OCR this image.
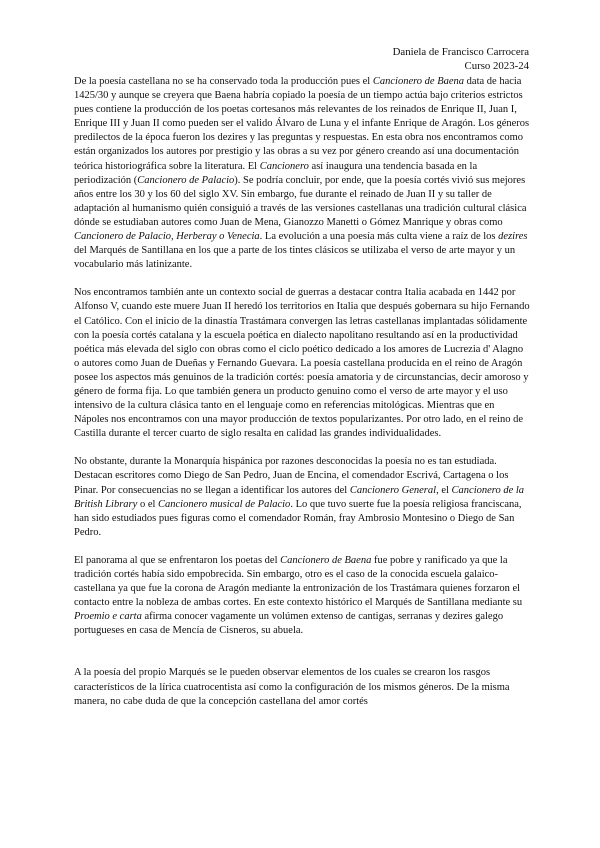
Daniela de Francisco Carrocera
Curso 2023-24

De la poesía castellana no se ha conservado toda la producción pues el Cancionero de Baena data de hacia 1425/30 y aunque se creyera que Baena habría copiado la poesía de un tiempo actúa bajo criterios estrictos pues contiene la producción de los poetas cortesanos más relevantes de los reinados de Enrique II, Juan I, Enrique III y Juan II como pueden ser el valido Álvaro de Luna y el infante Enrique de Aragón. Los géneros predilectos de la época fueron los dezires y las preguntas y respuestas. En esta obra nos encontramos como están organizados los autores por prestigio y las obras a su vez por género creando así una documentación teórica historiográfica sobre la literatura. El Cancionero así inaugura una tendencia basada en la periodización (Cancionero de Palacio). Se podría concluir, por ende, que la poesía cortés vivió sus mejores años entre los 30 y los 60 del siglo XV. Sin embargo, fue durante el reinado de Juan II y su taller de adaptación al humanismo quién consiguió a través de las versiones castellanas una tradición cultural clásica dónde se estudiaban autores como Juan de Mena, Gianozzo Manetti o Gómez Manrique y obras como Cancionero de Palacio, Herberay o Venecia. La evolución a una poesía más culta viene a raíz de los dezires del Marqués de Santillana en los que a parte de los tintes clásicos se utilizaba el verso de arte mayor y un vocabulario más latinizante.

Nos encontramos también ante un contexto social de guerras a destacar contra Italia acabada en 1442 por Alfonso V, cuando este muere Juan II heredó los territorios en Italia que después gobernara su hijo Fernando el Católico. Con el inicio de la dinastía Trastámara convergen las letras castellanas implantadas sólidamente con la poesía cortés catalana y la escuela poética en dialecto napolitano resultando así en la productividad poética más elevada del siglo con obras como el ciclo poético dedicado a los amores de Lucrezia d' Alagno o autores como Juan de Dueñas y Fernando Guevara. La poesía castellana producida en el reino de Aragón posee los aspectos más genuinos de la tradición cortés: poesía amatoria y de circunstancias, decir amoroso y género de forma fija. Lo que también genera un producto genuino como el verso de arte mayor y el uso intensivo de la cultura clásica tanto en el lenguaje como en referencias mitológicas. Mientras que en Nápoles nos encontramos con una mayor producción de textos popularizantes. Por otro lado, en el reino de Castilla durante el tercer cuarto de siglo resalta en calidad las grandes individualidades.

No obstante, durante la Monarquía hispánica por razones desconocidas la poesía no es tan estudiada. Destacan escritores como Diego de San Pedro, Juan de Encina, el comendador Escrivá, Cartagena o los Pinar. Por consecuencias no se llegan a identificar los autores del Cancionero General, el Cancionero de la British Library o el Cancionero musical de Palacio. Lo que tuvo suerte fue la poesía religiosa franciscana, han sido estudiados pues figuras como el comendador Román, fray Ambrosio Montesino o Diego de San Pedro.

El panorama al que se enfrentaron los poetas del Cancionero de Baena fue pobre y ranificado ya que la tradición cortés había sido empobrecida. Sin embargo, otro es el caso de la conocida escuela galaico-castellana ya que fue la corona de Aragón mediante la entronización de los Trastámara quienes forzaron el contacto entre la nobleza de ambas cortes. En este contexto histórico el Marqués de Santillana mediante su Proemio e carta afirma conocer vagamente un volúmen extenso de cantigas, serranas y dezires galego portugueses en casa de Mencía de Cisneros, su abuela.

A la poesía del propio Marqués se le pueden observar elementos de los cuales se crearon los rasgos característicos de la lírica cuatrocentista así como la configuración de los mismos géneros. De la misma manera, no cabe duda de que la concepción castellana del amor cortés
